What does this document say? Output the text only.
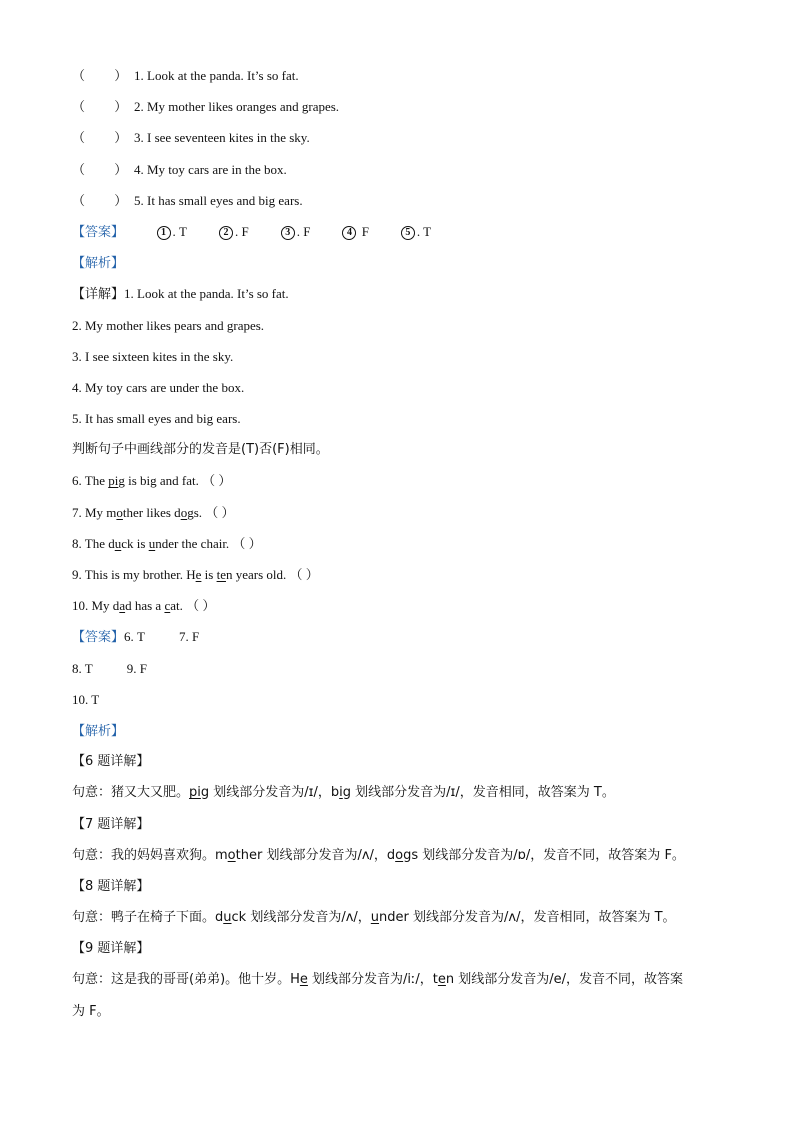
（         ） 1. Look at the panda. It’s so fat.
（         ） 2. My mother likes oranges and grapes.
（         ） 3. I see seventeen kites in the sky.
（         ） 4. My toy cars are in the box.
（         ） 5. It has small eyes and big ears.
【答案】	1 . T	2 . F	3 . F	4 F	5 . T
【解析】
【详解】1. Look at the panda. It’s so fat.
2. My mother likes pears and grapes.
3. I see sixteen kites in the sky.
4. My toy cars are under the box.
5. It has small eyes and big ears.
判断句子中画线部分的发音是(T)否(F)相同。
6. The pig is big and fat. （ ）
7. My mother likes dogs. （ ）
8. The duck is under the chair. （ ）
9. This is my brother. He is ten years old. （ ）
10. My dad has a cat. （ ）
【答案】6. T	7. F
8. T	9. F
10. T
【解析】
【6 题详解】
句意：猪又大又肥。pig 划线部分发音为/ɪ/，big 划线部分发音为/ɪ/，发音相同，故答案为 T。
【7 题详解】
句意：我的妈妈喜欢狗。mother 划线部分发音为/ʌ/，dogs 划线部分发音为/ɒ/，发音不同，故答案为 F。
【8 题详解】
句意：鸭子在椅子下面。duck 划线部分发音为/ʌ/，under 划线部分发音为/ʌ/，发音相同，故答案为 T。
【9 题详解】
句意：这是我的哥哥(弟弟)。他十岁。He 划线部分发音为/iː/，ten 划线部分发音为/e/，发音不同，故答案
为 F。
